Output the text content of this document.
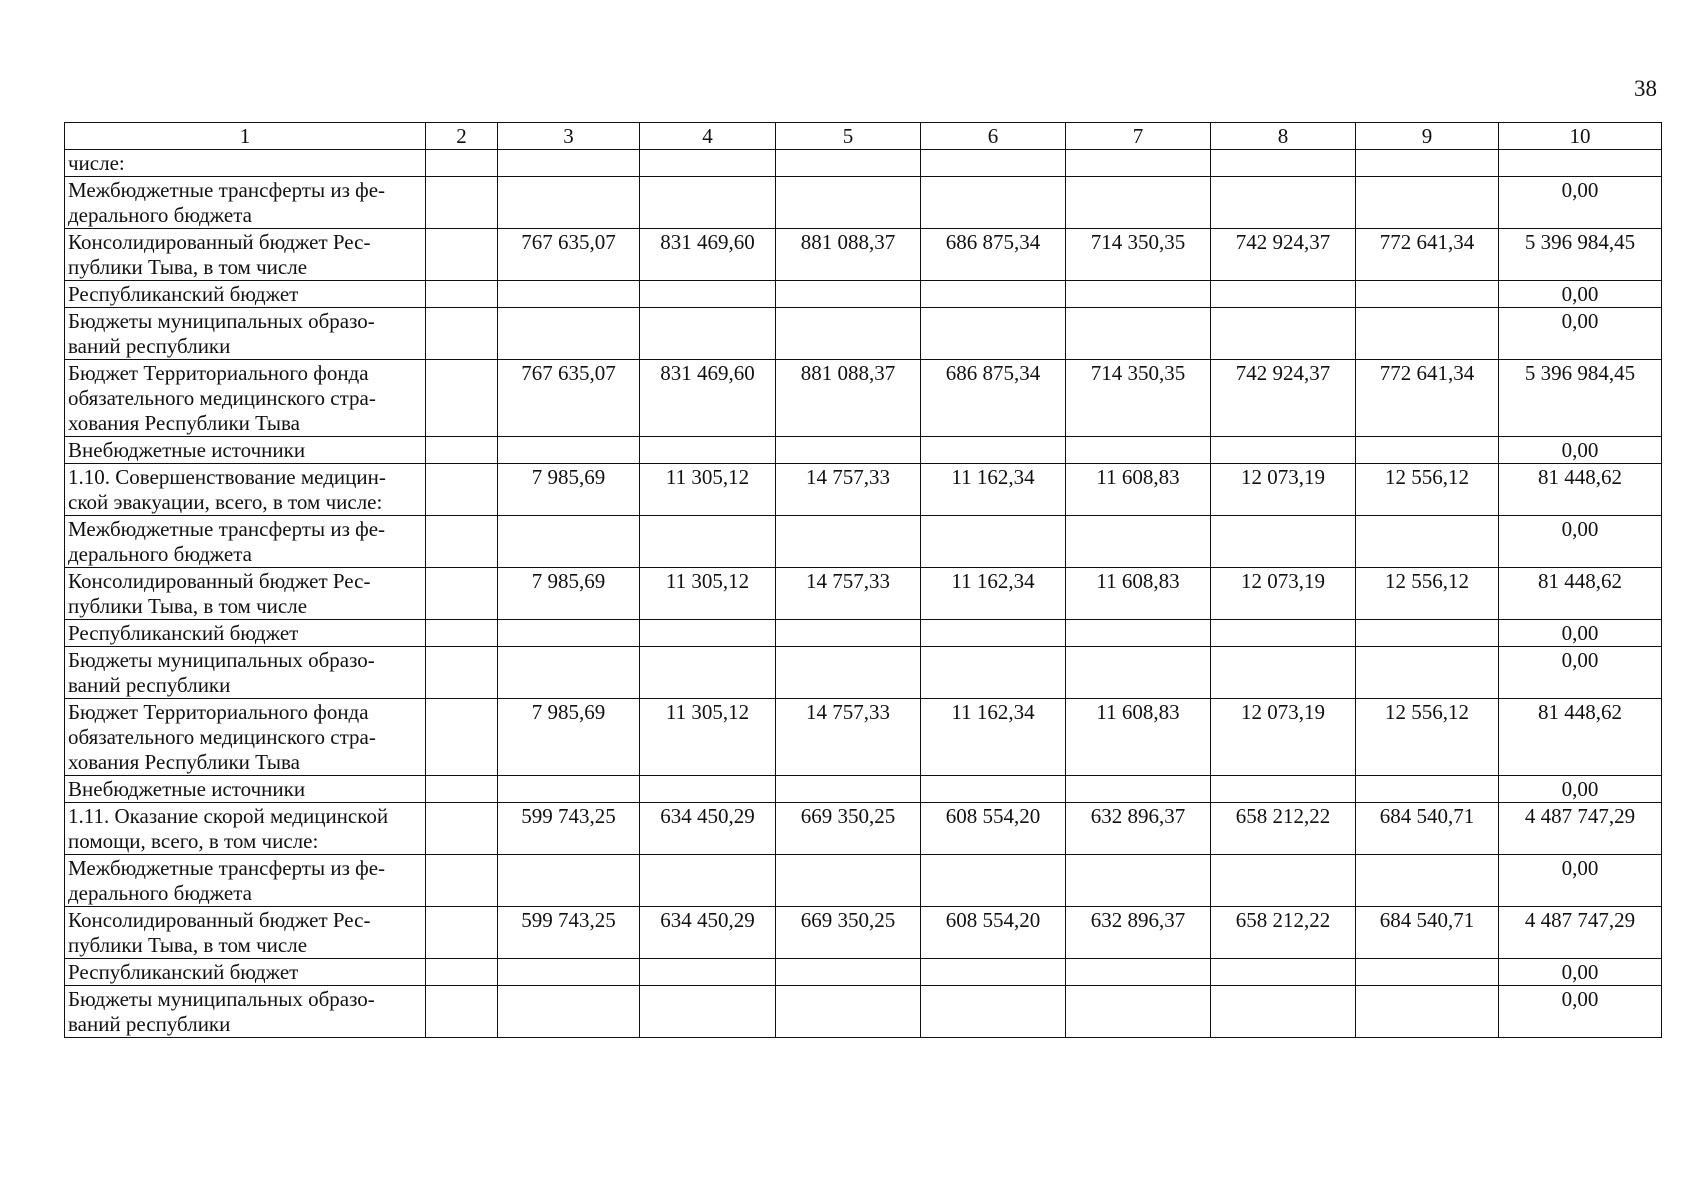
38
1	2	3	4	5	6	7	8	9	10
числе:									
Межбюджетные трансферты из фе-дерального бюджета									0,00
Консолидированный бюджет Рес-публики Тыва, в том числе		767 635,07	831 469,60	881 088,37	686 875,34	714 350,35	742 924,37	772 641,34	5 396 984,45
Республиканский бюджет									0,00
Бюджеты муниципальных образо-ваний республики									0,00
Бюджет Территориального фонда обязательного медицинского стра-хования Республики Тыва		767 635,07	831 469,60	881 088,37	686 875,34	714 350,35	742 924,37	772 641,34	5 396 984,45
Внебюджетные источники									0,00
1.10. Совершенствование медицин-ской эвакуации, всего, в том числе:		7 985,69	11 305,12	14 757,33	11 162,34	11 608,83	12 073,19	12 556,12	81 448,62
Межбюджетные трансферты из фе-дерального бюджета									0,00
Консолидированный бюджет Рес-публики Тыва, в том числе		7 985,69	11 305,12	14 757,33	11 162,34	11 608,83	12 073,19	12 556,12	81 448,62
Республиканский бюджет									0,00
Бюджеты муниципальных образо-ваний республики									0,00
Бюджет Территориального фонда обязательного медицинского стра-хования Республики Тыва		7 985,69	11 305,12	14 757,33	11 162,34	11 608,83	12 073,19	12 556,12	81 448,62
Внебюджетные источники									0,00
1.11. Оказание скорой медицинской помощи, всего, в том числе:		599 743,25	634 450,29	669 350,25	608 554,20	632 896,37	658 212,22	684 540,71	4 487 747,29
Межбюджетные трансферты из фе-дерального бюджета									0,00
Консолидированный бюджет Рес-публики Тыва, в том числе		599 743,25	634 450,29	669 350,25	608 554,20	632 896,37	658 212,22	684 540,71	4 487 747,29
Республиканский бюджет									0,00
Бюджеты муниципальных образо-ваний республики									0,00
